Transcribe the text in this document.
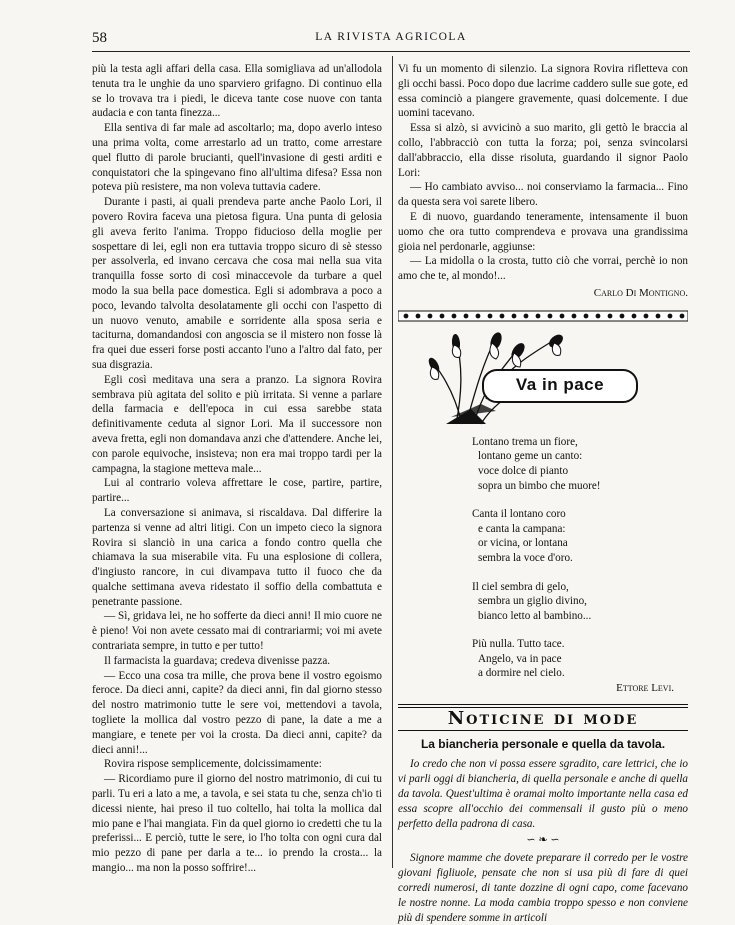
58	LA RIVISTA AGRICOLA

più la testa agli affari della casa. Ella somigliava ad un'allodola tenuta tra le unghie da uno sparviero grifagno. Di continuo ella se lo trovava tra i piedi, le diceva tante cose nuove con tanta audacia e con tanta finezza...

Ella sentiva di far male ad ascoltarlo; ma, dopo averlo inteso una prima volta, come arrestarlo ad un tratto, come arrestare quel flutto di parole brucianti, quell'invasione di gesti arditi e conquistatori che la spingevano fino all'ultima difesa? Essa non poteva più resistere, ma non voleva tuttavia cadere.

Durante i pasti, ai quali prendeva parte anche Paolo Lori, il povero Rovira faceva una pietosa figura. Una punta di gelosia gli aveva ferito l'anima. Troppo fiducioso della moglie per sospettare di lei, egli non era tuttavia troppo sicuro di sè stesso per assolverla, ed invano cercava che cosa mai nella sua vita tranquilla fosse sorto di così minaccevole da turbare a quel modo la sua bella pace domestica. Egli si adombrava a poco a poco, levando talvolta desolatamente gli occhi con l'aspetto di un nuovo venuto, amabile e sorridente alla sposa seria e taciturna, domandandosi con angoscia se il mistero non fosse là fra quei due esseri forse posti accanto l'uno a l'altro dal fato, per sua disgrazia.

Egli così meditava una sera a pranzo. La signora Rovira sembrava più agitata del solito e più irritata. Si venne a parlare della farmacia e dell'epoca in cui essa sarebbe stata definitivamente ceduta al signor Lori. Ma il successore non aveva fretta, egli non domandava anzi che d'attendere. Anche lei, con parole equivoche, insisteva; non era mai troppo tardi per la campagna, la stagione metteva male...

Lui al contrario voleva affrettare le cose, partire, partire, partire...

La conversazione si animava, si riscaldava. Dal differire la partenza si venne ad altri litigi. Con un impeto cieco la signora Rovira si slanciò in una carica a fondo contro quella che chiamava la sua miserabile vita. Fu una esplosione di collera, d'ingiusto rancore, in cui divampava tutto il fuoco che da qualche settimana aveva ridestato il soffio della combattuta e penetrante passione.

— Sì, gridava lei, ne ho sofferte da dieci anni! Il mio cuore ne è pieno! Voi non avete cessato mai di contrariarmi; voi mi avete contrariata sempre, in tutto e per tutto!

Il farmacista la guardava; credeva divenisse pazza.

— Ecco una cosa tra mille, che prova bene il vostro egoismo feroce. Da dieci anni, capite? da dieci anni, fin dal giorno stesso del nostro matrimonio tutte le sere voi, mettendovi a tavola, togliete la mollica dal vostro pezzo di pane, la date a me a mangiare, e tenete per voi la crosta. Da dieci anni, capite? da dieci anni!...

Rovira rispose semplicemente, dolcissimamente:

— Ricordiamo pure il giorno del nostro matrimonio, di cui tu parli. Tu eri a lato a me, a tavola, e sei stata tu che, senza ch'io ti dicessi niente, hai preso il tuo coltello, hai tolta la mollica dal mio pane e l'hai mangiata. Fin da quel giorno io credetti che tu la preferissi... E perciò, tutte le sere, io l'ho tolta con ogni cura dal mio pezzo di pane per darla a te... io prendo la crosta... la mangio... ma non la posso soffrire!...

Vi fu un momento di silenzio. La signora Rovira rifletteva con gli occhi bassi. Poco dopo due lacrime caddero sulle sue gote, ed essa cominciò a piangere gravemente, quasi dolcemente. I due uomini tacevano.

Essa si alzò, si avvicinò a suo marito, gli gettò le braccia al collo, l'abbracciò con tutta la forza; poi, senza svincolarsi dall'abbraccio, ella disse risoluta, guardando il signor Paolo Lori:

— Ho cambiato avviso... noi conserviamo la farmacia... Fino da questa sera voi sarete libero.

E di nuovo, guardando teneramente, intensamente il buon uomo che ora tutto comprendeva e provava una grandissima gioia nel perdonarle, aggiunse:

— La midolla o la crosta, tutto ciò che vorrai, perchè io non amo che te, al mondo!...

Carlo Di Montigno.
Va in pace
Lontano trema un fiore,
lontano geme un canto:
voce dolce di pianto
sopra un bimbo che muore!
Canta il lontano coro
e canta la campana:
or vicina, or lontana
sembra la voce d'oro.
Il ciel sembra di gelo,
sembra un giglio divino,
bianco letto al bambino...
Più nulla. Tutto tace.
Angelo, va in pace
a dormire nel cielo.
Ettore Levi.
Noticine di mode
La biancheria personale e quella da tavola.

Io credo che non vi possa essere sgradito, care lettrici, che io vi parli oggi di biancheria, di quella personale e anche di quella da tavola. Quest'ultima è oramai molto importante nella casa ed essa scopre all'occhio dei commensali il gusto più o meno perfetto della padrona di casa.

∽ ❧ ∽

Signore mamme che dovete preparare il corredo per le vostre giovani figliuole, pensate che non si usa più di fare di quei corredi numerosi, di tante dozzine di ogni capo, come facevano le nostre nonne. La moda cambia troppo spesso e non conviene più di spendere somme in articoli
